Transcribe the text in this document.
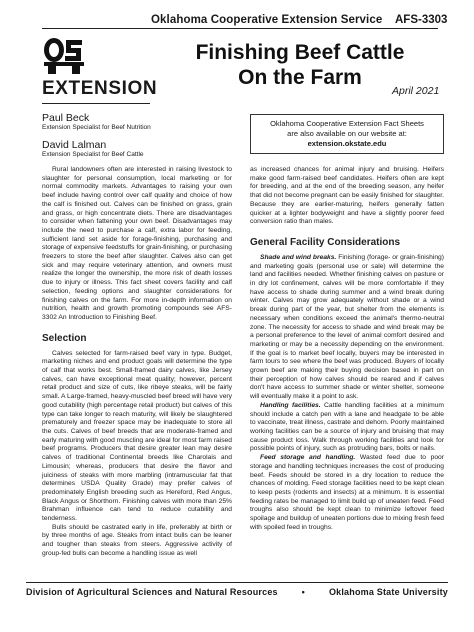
Oklahoma Cooperative Extension Service AFS-3303
EXTENSION
Finishing Beef Cattle
On the Farm
April 2021
Paul Beck
Extension Specialist for Beef Nutrition
David Lalman
Extension Specialist for Beef Cattle
Oklahoma Cooperative Extension Fact Sheets
are also available on our website at:
extension.okstate.edu

Rural landowners often are interested in raising livestock to slaughter for personal consumption, local marketing or for normal commodity markets. Advantages to raising your own beef include having control over calf quality and choice of how the calf is finished out. Calves can be finished on grass, grain and grass, or high concentrate diets. There are disadvantages to consider when fattening your own beef. Disadvantages may include the need to purchase a calf, extra labor for feeding, sufficient land set aside for forage-finishing, purchasing and storage of expensive feedstuffs for grain-finishing, or purchasing freezers to store the beef after slaughter. Calves also can get sick and may require veterinary attention, and owners must realize the longer the ownership, the more risk of death losses due to injury or illness. This fact sheet covers facility and calf selection, feeding options and slaughter considerations for finishing calves on the farm. For more in-depth information on nutrition, health and growth promoting compounds see AFS-3302 An Introduction to Finishing Beef.

Selection

Calves selected for farm-raised beef vary in type. Budget, marketing niches and end product goals will determine the type of calf that works best. Small-framed dairy calves, like Jersey calves, can have exceptional meat quality; however, percent retail product and size of cuts, like ribeye steaks, will be fairly small. A Large-framed, heavy-muscled beef breed will have very good cutability (high percentage retail product) but calves of this type can take longer to reach maturity, will likely be slaughtered prematurely and freezer space may be inadequate to store all the cuts. Calves of beef breeds that are moderate-framed and early maturing with good muscling are ideal for most farm raised beef programs. Producers that desire greater lean may desire calves of traditional Continental breeds like Charolais and Limousin; whereas, producers that desire the flavor and juiciness of steaks with more marbling (intramuscular fat that determines USDA Quality Grade) may prefer calves of predominately English breeding such as Hereford, Red Angus, Black Angus or Shorthorn. Finishing calves with more than 25% Brahman influence can tend to reduce cutability and tenderness.

Bulls should be castrated early in life, preferably at birth or by three months of age. Steaks from intact bulls can be leaner and tougher than steaks from steers. Aggressive activity of group-fed bulls can become a handling issue as well

as increased chances for animal injury and bruising. Heifers make good farm-raised beef candidates. Heifers often are kept for breeding, and at the end of the breeding season, any heifer that did not become pregnant can be easily finished for slaughter. Because they are earlier-maturing, heifers generally fatten quicker at a lighter bodyweight and have a slightly poorer feed conversion ratio than males.

General Facility Considerations

Shade and wind breaks. Finishing (forage- or grain-finishing) and marketing goals (personal use or sale) will determine the land and facilities needed. Whether finishing calves on pasture or in dry lot confinement, calves will be more comfortable if they have access to shade during summer and a wind break during winter. Calves may grow adequately without shade or a wind break during part of the year, but shelter from the elements is necessary when conditions exceed the animal's thermo-neutral zone. The necessity for access to shade and wind break may be a personal preference to the level of animal comfort desired and marketing or may be a necessity depending on the environment. If the goal is to market beef locally, buyers may be interested in farm tours to see where the beef was produced. Buyers of locally grown beef are making their buying decision based in part on their perception of how calves should be reared and if calves don't have access to summer shade or winter shelter, someone will eventually make it a point to ask.

Handling facilities. Cattle handling facilities at a minimum should include a catch pen with a lane and headgate to be able to vaccinate, treat illness, castrate and dehorn. Poorly maintained working facilities can be a source of injury and bruising that may cause product loss. Walk through working facilities and look for possible points of injury, such as protruding bars, bolts or nails.

Feed storage and handling. Wasted feed due to poor storage and handling techniques increases the cost of producing beef. Feeds should be stored in a dry location to reduce the chances of molding. Feed storage facilities need to be kept clean to keep pests (rodents and insects) at a minimum. It is essential feeding rates be managed to limit build up of uneaten feed. Feed troughs also should be kept clean to minimize leftover feed spoilage and buildup of uneaten portions due to mixing fresh feed with spoiled feed in troughs.

Division of Agricultural Sciences and Natural Resources	•	Oklahoma State University
